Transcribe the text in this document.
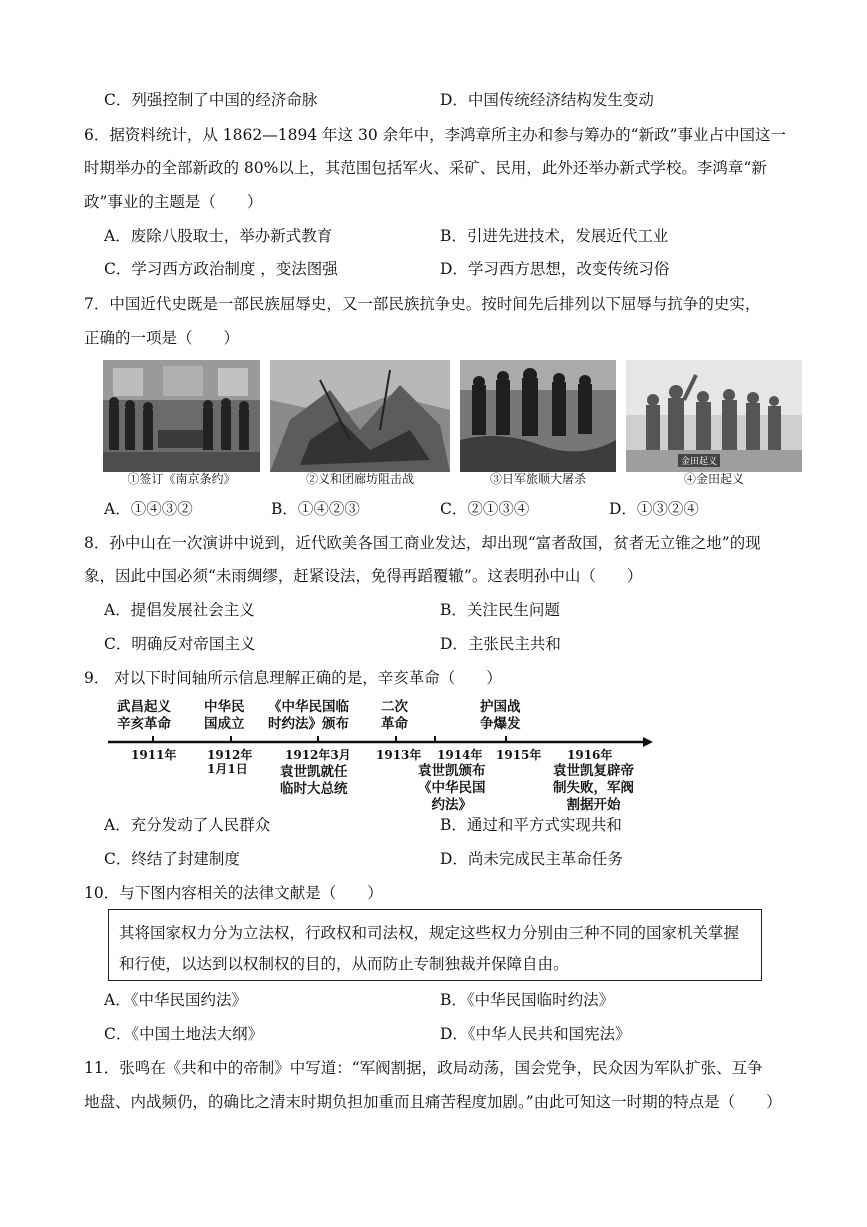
C．列强控制了中国的经济命脉	D．中国传统经济结构发生变动
6．据资料统计，从 1862—1894 年这 30 余年中，李鸿章所主办和参与筹办的“新政”事业占中国这一
时期举办的全部新政的 80%以上，其范围包括军火、采矿、民用，此外还举办新式学校。李鸿章“新
政”事业的主题是（　　）
A．废除八股取士，举办新式教育	B．引进先进技术，发展近代工业
C．学习西方政治制度 ，变法图强	D．学习西方思想，改变传统习俗
7．中国近代史既是一部民族屈辱史，又一部民族抗争史。按时间先后排列以下屈辱与抗争的史实，
正确的一项是（　　）
金田起义
①签订《南京条约》	②义和团廊坊阻击战	③日军旅顺大屠杀	④金田起义
A．①④③②	B．①④②③	C．②①③④	D．①③②④
8．孙中山在一次演讲中说到，近代欧美各国工商业发达，却出现“富者敌国，贫者无立锥之地”的现
象，因此中国必须“未雨绸缪，赶紧设法，免得再蹈覆辙”。这表明孙中山（　　）
A．提倡发展社会主义	B．关注民生问题
C．明确反对帝国主义	D．主张民主共和
9． 对以下时间轴所示信息理解正确的是，辛亥革命（　　）
武昌起义
辛亥革命
中华民
国成立
《中华民国临
时约法》颁布
二次
革命
护国战
争爆发
1911年	1912年
1月1日
1912年3月 1913年 1914年 1915年 1916年
袁世凯就任
临时大总统
袁世凯颁布
《中华民国
约法》
袁世凯复辟帝
制失败，军阀
割据开始
A．充分发动了人民群众	B．通过和平方式实现共和
C．终结了封建制度	D．尚未完成民主革命任务
10．与下图内容相关的法律文献是（　　）
其将国家权力分为立法权，行政权和司法权，规定这些权力分别由三种不同的国家机关掌握
和行使，以达到以权制权的目的，从而防止专制独裁并保障自由。
A．《中华民国约法》	B．《中华民国临时约法》
C．《中国土地法大纲》	D．《中华人民共和国宪法》
11．张鸣在《共和中的帝制》中写道：“军阀割据，政局动荡，国会党争，民众因为军队扩张、互争
地盘、内战频仍，的确比之清末时期负担加重而且痛苦程度加剧。”由此可知这一时期的特点是（　　）
